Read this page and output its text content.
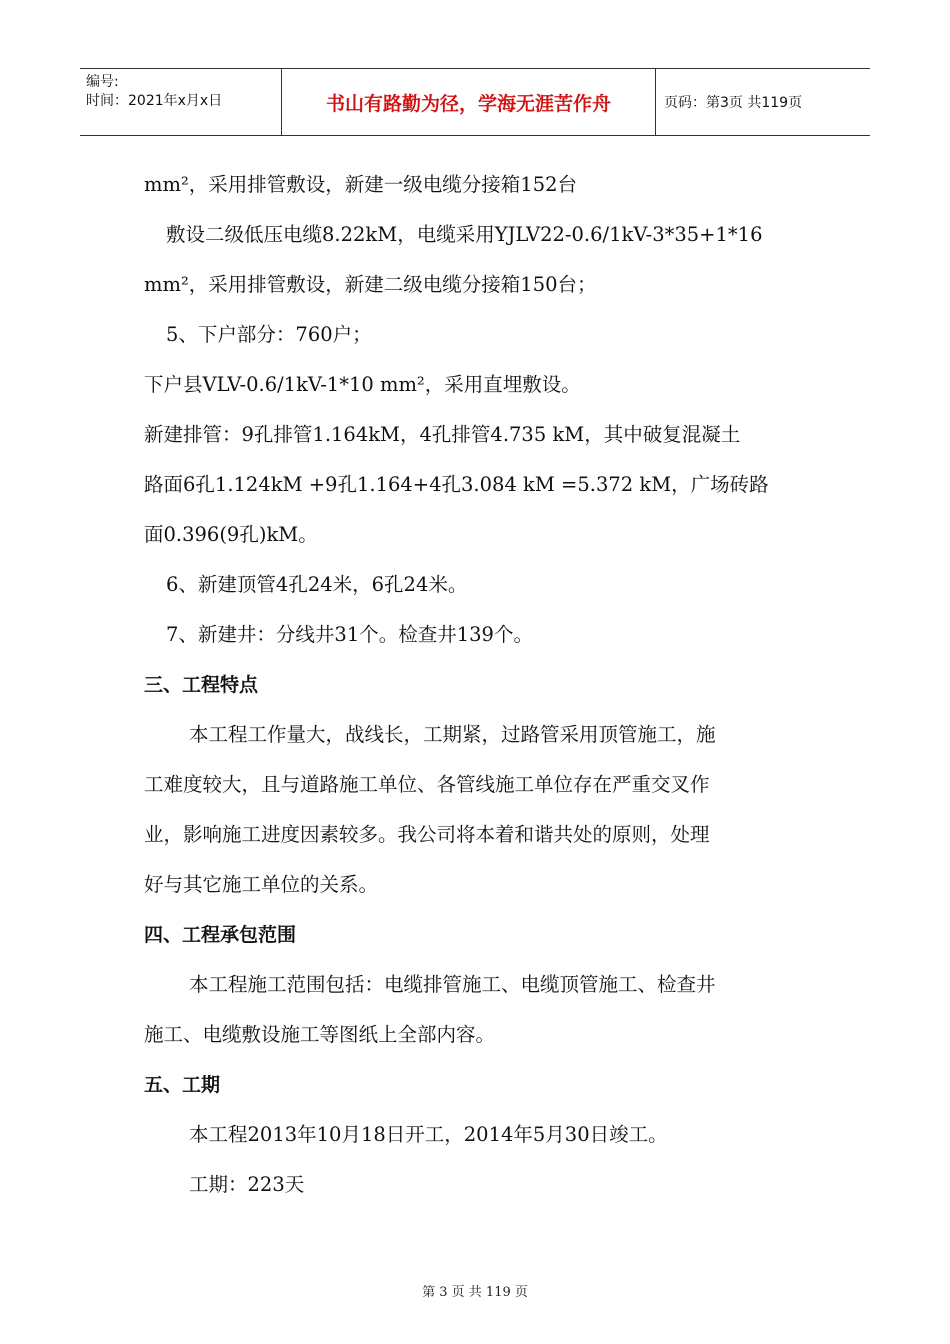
编号:
时间：2021年x月x日	书山有路勤为径，学海无涯苦作舟	页码：第3页 共119页
mm²，采用排管敷设，新建一级电缆分接箱152台
敷设二级低压电缆8.22kM，电缆采用YJLV22-0.6/1kV-3*35+1*16
mm²，采用排管敷设，新建二级电缆分接箱150台；
5、下户部分：760户；
下户县VLV-0.6/1kV-1*10 mm²，采用直埋敷设。
新建排管：9孔排管1.164kM，4孔排管4.735 kM，其中破复混凝土
路面6孔1.124kM +9孔1.164+4孔3.084 kM =5.372 kM，广场砖路
面0.396(9孔)kM。
6、新建顶管4孔24米，6孔24米。
7、新建井：分线井31个。检查井139个。
三、工程特点
本工程工作量大，战线长，工期紧，过路管采用顶管施工，施
工难度较大，且与道路施工单位、各管线施工单位存在严重交叉作
业，影响施工进度因素较多。我公司将本着和谐共处的原则，处理
好与其它施工单位的关系。
四、工程承包范围
本工程施工范围包括：电缆排管施工、电缆顶管施工、检查井
施工、电缆敷设施工等图纸上全部内容。
五、工期
本工程2013年10月18日开工，2014年5月30日竣工。
工期：223天
第 3 页 共 119 页
